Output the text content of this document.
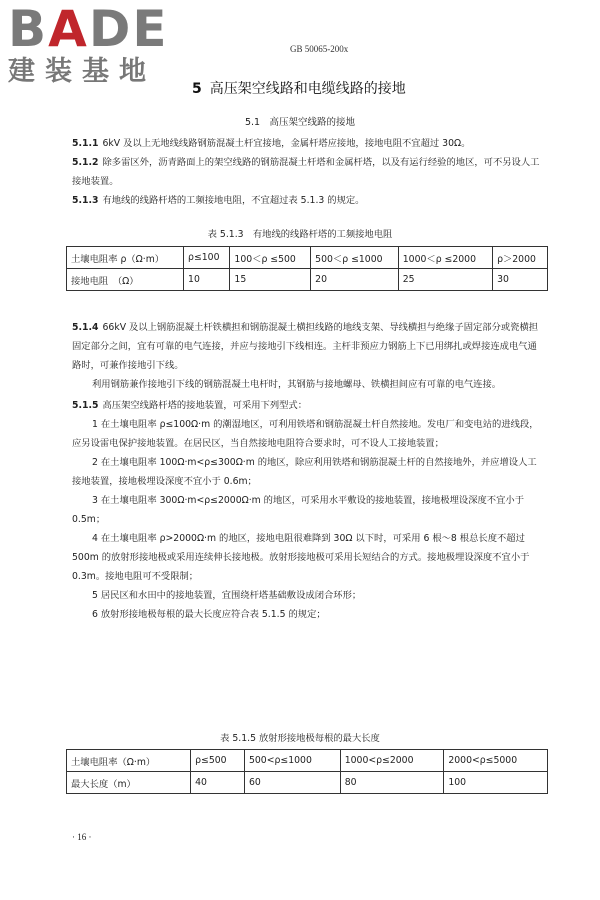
BADE
建装基地
GB 50065-200x
5 高压架空线路和电缆线路的接地
5.1　高压架空线路的接地

5.1.1 6kV 及以上无地线线路钢筋混凝土杆宜接地，金属杆塔应接地，接地电阻不宜超过 30Ω。

5.1.2 除多雷区外，沥青路面上的架空线路的钢筋混凝土杆塔和金属杆塔，以及有运行经验的地区，可不另设人工接地装置。

5.1.3 有地线的线路杆塔的工频接地电阻，不宜超过表 5.1.3 的规定。

表 5.1.3　有地线的线路杆塔的工频接地电阻
土壤电阻率 ρ（Ω·m）	ρ≤100	100＜ρ ≤500	500＜ρ ≤1000	1000＜ρ ≤2000	ρ＞2000
接地电阻　（Ω）	10	15	20	25	30

5.1.4 66kV 及以上钢筋混凝土杆铁横担和钢筋混凝土横担线路的地线支架、导线横担与绝缘子固定部分或瓷横担固定部分之间，宜有可靠的电气连接，并应与接地引下线相连。主杆非预应力钢筋上下已用绑扎或焊接连成电气通路时，可兼作接地引下线。

利用钢筋兼作接地引下线的钢筋混凝土电杆时，其钢筋与接地螺母、铁横担间应有可靠的电气连接。

5.1.5 高压架空线路杆塔的接地装置，可采用下列型式：

1 在土壤电阻率 ρ≤100Ω·m 的潮湿地区，可利用铁塔和钢筋混凝土杆自然接地。发电厂和变电站的进线段，应另设雷电保护接地装置。在居民区，当自然接地电阻符合要求时，可不设人工接地装置；

2 在土壤电阻率 100Ω·m<ρ≤300Ω·m 的地区，除应利用铁塔和钢筋混凝土杆的自然接地外，并应增设人工接地装置，接地极埋设深度不宜小于 0.6m；

3 在土壤电阻率 300Ω·m<ρ≤2000Ω·m 的地区，可采用水平敷设的接地装置，接地极埋设深度不宜小于 0.5m；

4 在土壤电阻率 ρ>2000Ω·m 的地区，接地电阻很难降到 30Ω 以下时，可采用 6 根～8 根总长度不超过 500m 的放射形接地极或采用连续伸长接地极。放射形接地极可采用长短结合的方式。接地极埋设深度不宜小于 0.3m。接地电阻可不受限制；

5 居民区和水田中的接地装置，宜围绕杆塔基础敷设成闭合环形；

6 放射形接地极每根的最大长度应符合表 5.1.5 的规定；

表 5.1.5 放射形接地极每根的最大长度
土壤电阻率（Ω·m）	ρ≤500	500<ρ≤1000	1000<ρ≤2000	2000<ρ≤5000
最大长度（m）	40	60	80	100
· 16 ·
